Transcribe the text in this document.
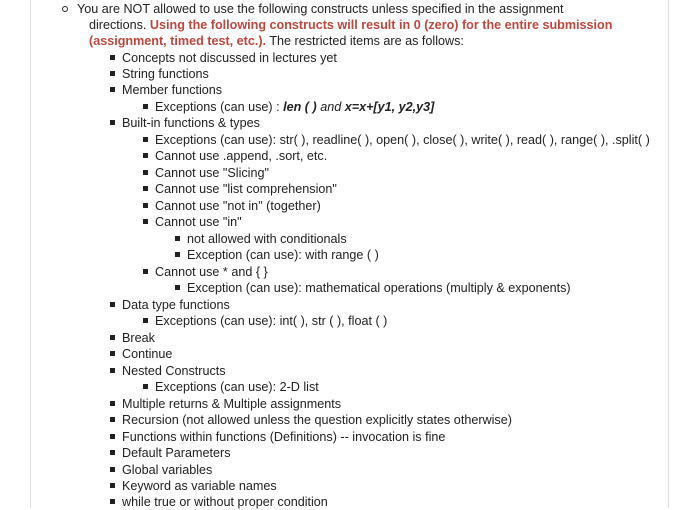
You are NOT allowed to use the following constructs unless specified in the assignment
directions. Using the following constructs will result in 0 (zero) for the entire submission
(assignment, timed test, etc.). The restricted items are as follows:
Concepts not discussed in lectures yet
String functions
Member functions
Exceptions (can use) : len ( ) and x=x+[y1, y2,y3]
Built-in functions & types
Exceptions (can use): str( ), readline( ), open( ), close( ), write( ), read( ), range( ), .split( )
Cannot use .append, .sort, etc.
Cannot use "Slicing"
Cannot use "list comprehension"
Cannot use "not in" (together)
Cannot use "in"
not allowed with conditionals
Exception (can use): with range ( )
Cannot use * and { }
Exception (can use): mathematical operations (multiply & exponents)
Data type functions
Exceptions (can use): int( ), str ( ), float ( )
Break
Continue
Nested Constructs
Exceptions (can use): 2-D list
Multiple returns & Multiple assignments
Recursion (not allowed unless the question explicitly states otherwise)
Functions within functions (Definitions) -- invocation is fine
Default Parameters
Global variables
Keyword as variable names
while true or without proper condition
